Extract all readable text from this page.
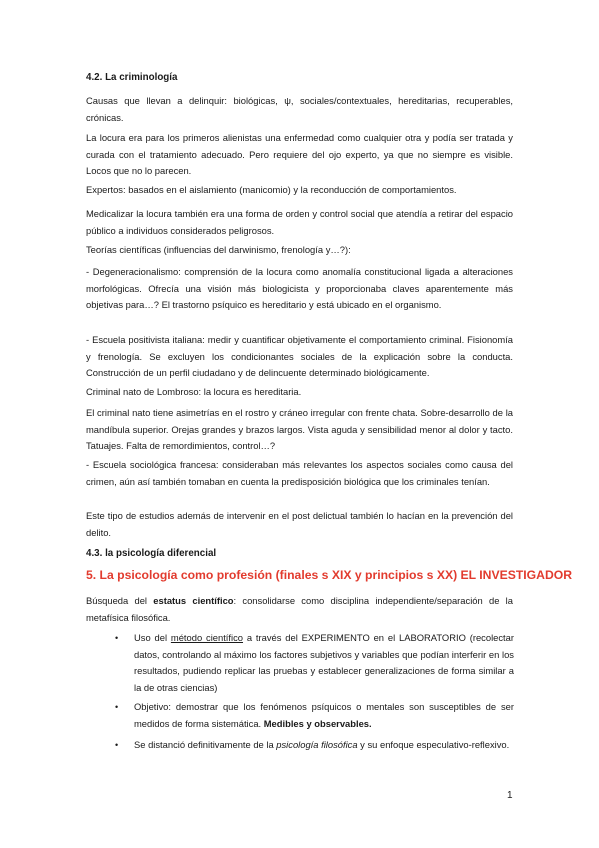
4.2. La criminología

Causas que llevan a delinquir: biológicas, ψ, sociales/contextuales, hereditarias, recuperables, crónicas.

La locura era para los primeros alienistas una enfermedad como cualquier otra y podía ser tratada y curada con el tratamiento adecuado. Pero requiere del ojo experto, ya que no siempre es visible. Locos que no lo parecen.

Expertos: basados en el aislamiento (manicomio) y la reconducción de comportamientos.

Medicalizar la locura también era una forma de orden y control social que atendía a retirar del espacio público a individuos considerados peligrosos.

Teorías científicas (influencias del darwinismo, frenología y…?):

- Degeneracionalismo: comprensión de la locura como anomalía constitucional ligada a alteraciones morfológicas. Ofrecía una visión más biologicista y proporcionaba claves aparentemente más objetivas para…? El trastorno psíquico es hereditario y está ubicado en el organismo.

- Escuela positivista italiana: medir y cuantificar objetivamente el comportamiento criminal. Fisionomía y frenología. Se excluyen los condicionantes sociales de la explicación sobre la conducta. Construcción de un perfil ciudadano y de delincuente determinado biológicamente.

Criminal nato de Lombroso: la locura es hereditaria.

El criminal nato tiene asimetrías en el rostro y cráneo irregular con frente chata. Sobre-desarrollo de la mandíbula superior. Orejas grandes y brazos largos. Vista aguda y sensibilidad menor al dolor y tacto. Tatuajes. Falta de remordimientos, control…?

- Escuela sociológica francesa: consideraban más relevantes los aspectos sociales como causa del crimen, aún así también tomaban en cuenta la predisposición biológica que los criminales tenían.

Este tipo de estudios además de intervenir en el post delictual también lo hacían en la prevención del delito.

4.3. la psicología diferencial
5. La psicología como profesión (finales s XIX y principios s XX) EL INVESTIGADOR

Búsqueda del estatus científico: consolidarse como disciplina independiente/separación de la metafísica filosófica.

• Uso del método científico a través del EXPERIMENTO en el LABORATORIO (recolectar datos, controlando al máximo los factores subjetivos y variables que podían interferir en los resultados, pudiendo replicar las pruebas y establecer generalizaciones de forma similar a la de otras ciencias)

• Objetivo: demostrar que los fenómenos psíquicos o mentales son susceptibles de ser medidos de forma sistemática. Medibles y observables.

• Se distanció definitivamente de la psicología filosófica y su enfoque especulativo-reflexivo.

1
